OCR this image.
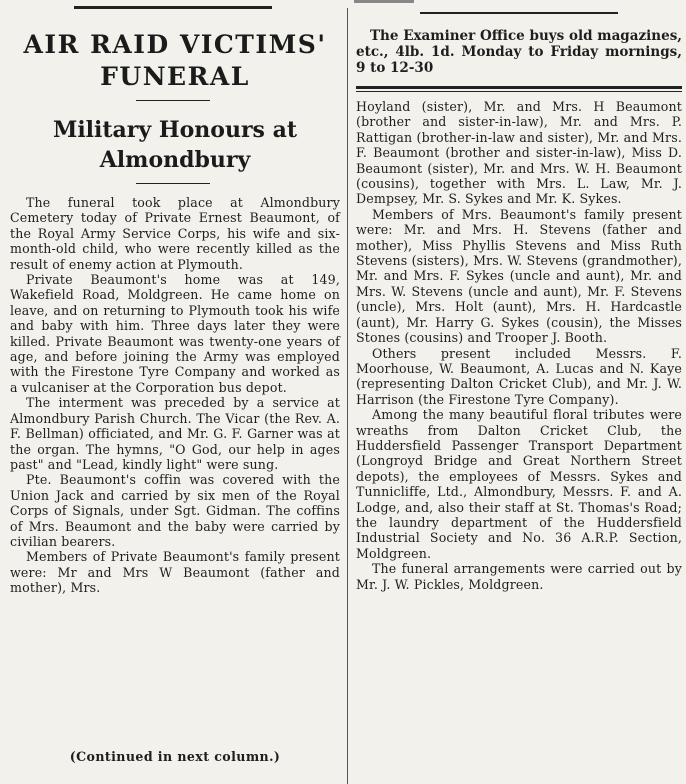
AIR RAID VICTIMS'
FUNERAL
Military Honours at
Almondbury

The funeral took place at Almondbury Cemetery today of Private Ernest Beaumont, of the Royal Army Service Corps, his wife and six-month-old child, who were recently killed as the result of enemy action at Plymouth.

Private Beaumont's home was at 149, Wakefield Road, Moldgreen. He came home on leave, and on returning to Plymouth took his wife and baby with him. Three days later they were killed. Private Beaumont was twenty-one years of age, and before joining the Army was employed with the Firestone Tyre Company and worked as a vulcaniser at the Corporation bus depot.

The interment was preceded by a service at Almondbury Parish Church. The Vicar (the Rev. A. F. Bellman) officiated, and Mr. G. F. Garner was at the organ. The hymns, "O God, our help in ages past" and "Lead, kindly light" were sung.

Pte. Beaumont's coffin was covered with the Union Jack and carried by six men of the Royal Corps of Signals, under Sgt. Gidman. The coffins of Mrs. Beaumont and the baby were carried by civilian bearers.

Members of Private Beaumont's family present were: Mr and Mrs W Beaumont (father and mother), Mrs.

(Continued in next column.)

The Examiner Office buys old magazines, etc., 4lb. 1d. Monday to Friday mornings, 9 to 12-30

Hoyland (sister), Mr. and Mrs. H Beaumont (brother and sister-in-law), Mr. and Mrs. P. Rattigan (brother-in-law and sister), Mr. and Mrs. F. Beaumont (brother and sister-in-law), Miss D. Beaumont (sister), Mr. and Mrs. W. H. Beaumont (cousins), together with Mrs. L. Law, Mr. J. Dempsey, Mr. S. Sykes and Mr. K. Sykes.

Members of Mrs. Beaumont's family present were: Mr. and Mrs. H. Stevens (father and mother), Miss Phyllis Stevens and Miss Ruth Stevens (sisters), Mrs. W. Stevens (grandmother), Mr. and Mrs. F. Sykes (uncle and aunt), Mr. and Mrs. W. Stevens (uncle and aunt), Mr. F. Stevens (uncle), Mrs. Holt (aunt), Mrs. H. Hardcastle (aunt), Mr. Harry G. Sykes (cousin), the Misses Stones (cousins) and Trooper J. Booth.

Others present included Messrs. F. Moorhouse, W. Beaumont, A. Lucas and N. Kaye (representing Dalton Cricket Club), and Mr. J. W. Harrison (the Firestone Tyre Company).

Among the many beautiful floral tributes were wreaths from Dalton Cricket Club, the Huddersfield Passenger Transport Department (Longroyd Bridge and Great Northern Street depots), the employees of Messrs. Sykes and Tunnicliffe, Ltd., Almondbury, Messrs. F. and A. Lodge, and, also their staff at St. Thomas's Road; the laundry department of the Huddersfield Industrial Society and No. 36 A.R.P. Section, Moldgreen.

The funeral arrangements were carried out by Mr. J. W. Pickles, Moldgreen.
